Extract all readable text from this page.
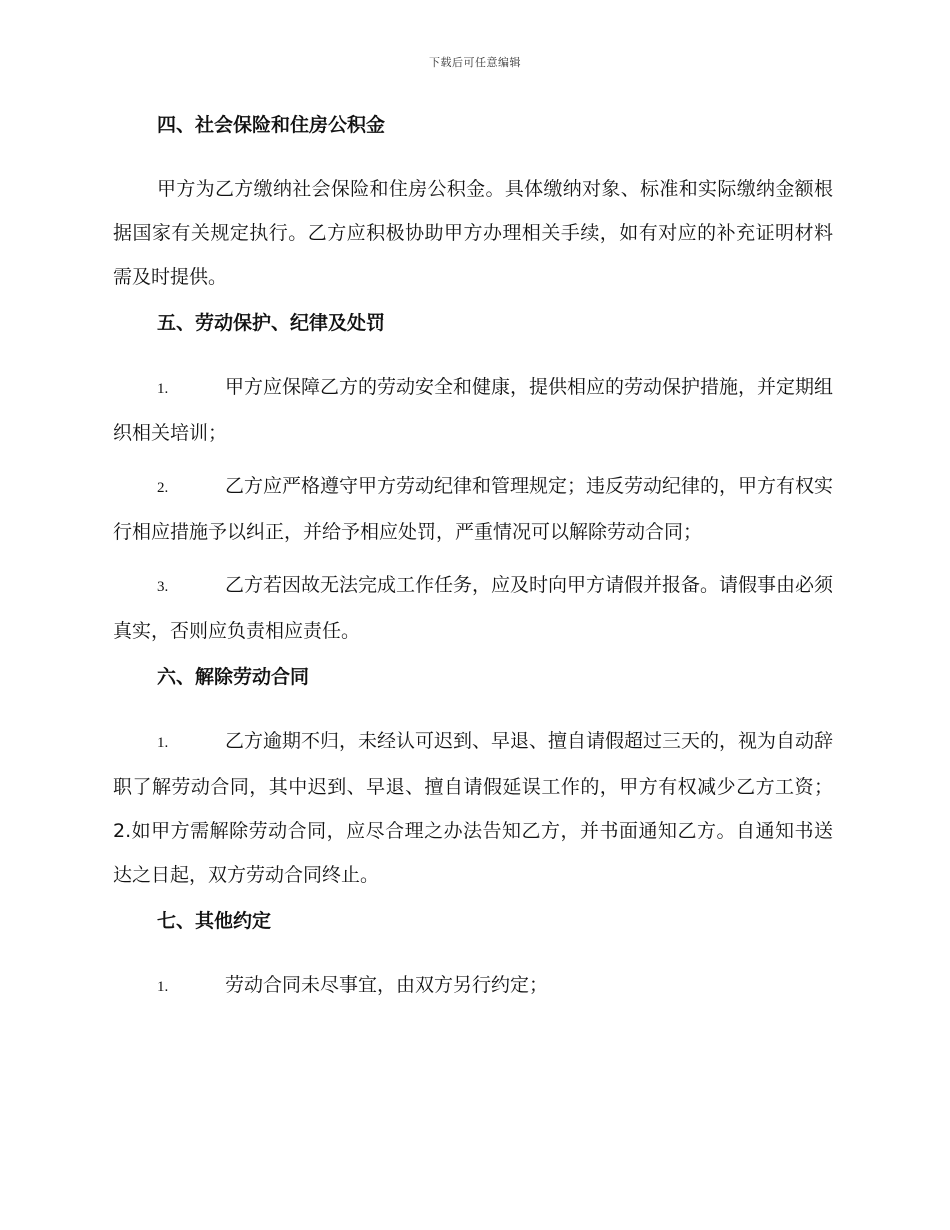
下载后可任意编辑
四、社会保险和住房公积金

甲方为乙方缴纳社会保险和住房公积金。具体缴纳对象、标准和实际缴纳金额根据国家有关规定执行。乙方应积极协助甲方办理相关手续，如有对应的补充证明材料需及时提供。

五、劳动保护、纪律及处罚

1.	甲方应保障乙方的劳动安全和健康，提供相应的劳动保护措施，并定期组织相关培训；

2.	乙方应严格遵守甲方劳动纪律和管理规定；违反劳动纪律的，甲方有权实行相应措施予以纠正，并给予相应处罚，严重情况可以解除劳动合同；

3.	乙方若因故无法完成工作任务，应及时向甲方请假并报备。请假事由必须真实，否则应负责相应责任。

六、解除劳动合同

1.	乙方逾期不归，未经认可迟到、早退、擅自请假超过三天的，视为自动辞职了解劳动合同，其中迟到、早退、擅自请假延误工作的，甲方有权减少乙方工资； 2.如甲方需解除劳动合同，应尽合理之办法告知乙方，并书面通知乙方。自通知书送达之日起，双方劳动合同终止。

七、其他约定

1.	劳动合同未尽事宜，由双方另行约定；
